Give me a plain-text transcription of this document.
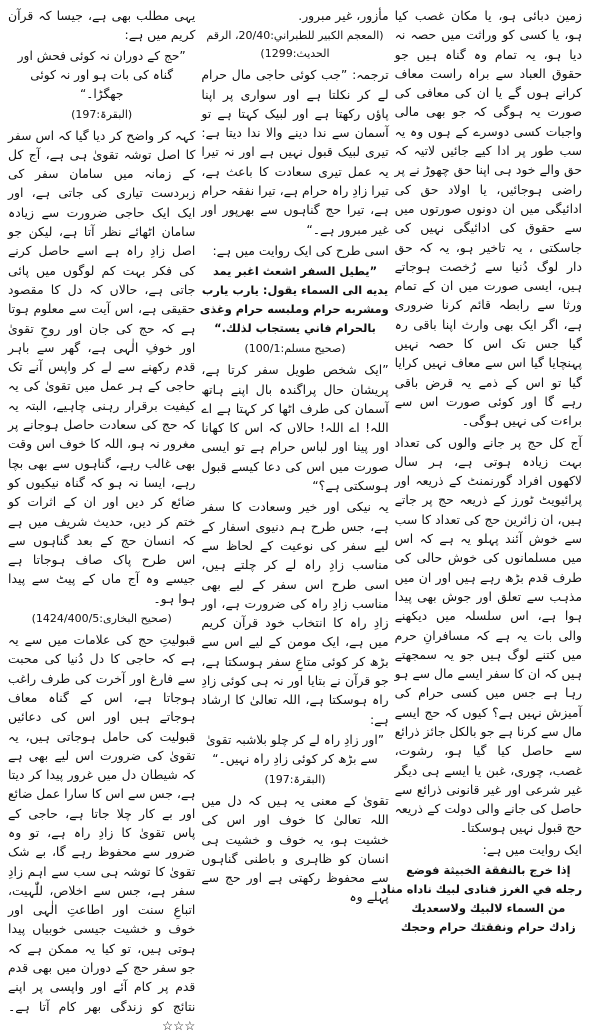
زمین دبائی ہو، یا مکان غصب کیا ہو، یا کسی کو وراثت میں حصہ نہ دیا ہو، یہ تمام وہ گناہ ہیں جو حقوق العباد سے براہ راست معاف کرانے ہوں گے یا ان کی معافی کی صورت یہ ہوگی کہ جو بھی مالی واجبات کسی دوسرے کے ہوں وہ یہ سب طور پر ادا کیے جائیں لاتیہ کہ حق والے خود ہی اپنا حق چھوڑ نے پر راضی ہوجائیں، یا اولاد حق کی ادائیگی میں ان دونوں صورتوں میں سے حقوق کی ادائیگی نہیں کی جاسکتی ، یہ تاخیر ہو، یہ کہ حق دار لوگ دُنیا سے رُخصت ہوجاتے ہیں، ایسی صورت میں ان کے تمام ورثا سے رابطہ قائم کرنا ضروری ہے، اگر ایک بھی وارث اپنا باقی رہ گیا جس تک اس کا حصہ نہیں پہنچایا گیا اس سے معاف نہیں کرایا گیا تو اس کے ذمے یہ قرض باقی رہے گا اور کوئی صورت اس سے براءت کی نہیں ہوگی۔
آج کل حج پر جانے والوں کی تعداد بہت زیادہ ہوتی ہے، ہر سال لاکھوں افراد گورنمنٹ کے ذریعہ اور پرائیویٹ ٹورز کے ذریعہ حج پر جاتے ہیں، ان زائرین حج کی تعداد کا سب سے خوش آئند پہلو یہ ہے کہ اس میں مسلمانوں کی خوش حالی کی طرف قدم بڑھ رہے ہیں اور ان میں مذہب سے تعلق اور جوش بھی پیدا ہوا ہے، اس سلسلہ میں دیکھنے والی بات یہ ہے کہ مسافرانِ حرم میں کتنے لوگ ہیں جو یہ سمجھتے ہیں کہ ان کا سفر ایسے مال سے ہو رہا ہے جس میں کسی حرام کی آمیزش نہیں ہے؟ کیوں کہ حج ایسے مال سے کرنا ہے جو بالکل جائز ذرائع سے حاصل کیا گیا ہو، رشوت، غصب، چوری، غبن یا ایسے ہی دیگر غیر شرعی اور غیر قانونی ذرائع سے حاصل کی جانے والی دولت کے ذریعہ حج قبول نہیں ہوسکتا۔
ایک روایت میں ہے:
إذا خرج بالنفقة الخبيثة فوضع
رجله في الغرز فنادى لبيك ناداه مناد
من السماء لالبيك ولاسعديك
زادك حرام ونفقتك حرام وحجك
مأزور، غير مبرور.
(المعجم الكبير للطبراني:20/40، الرقم الحديث:1299)
ترجمہ: ”جب کوئی حاجی مال حرام لے کر نکلتا ہے اور سواری پر اپنا پاؤں رکھتا ہے اور لبیک کہتا ہے تو آسمان سے ندا دینے والا ندا دیتا ہے: تیری لبیک قبول نہیں ہے اور نہ تیرا یہ عمل تیری سعادت کا باعث ہے، تیرا زادِ راہ حرام ہے، تیرا نفقہ حرام ہے، تیرا حج گناہوں سے بھرپور اور غیر مبرور ہے۔“
اسی طرح کی ایک روایت میں ہے:
”يطيل السفر اشعث اغبر يمد
يديه الى السماء يقول: يارب يارب
ومشربه حرام وملبسه حرام وغذى
بالحرام فاني يستجاب لذلك.“
(صحیح مسلم:100/1)
”ایک شخص طویل سفر کرتا ہے، پریشان حال پراگندہ بال اپنے ہاتھ آسمان کی طرف اٹھا کر کہتا ہے اے اللہ! اے اللہ! حالاں کہ اس کا کھانا اور پینا اور لباس حرام ہے تو ایسی صورت میں اس کی دعا کیسے قبول ہوسکتی ہے؟“
یہ نیکی اور خیر وسعادت کا سفر ہے، جس طرح ہم دنیوی اسفار کے لیے سفر کی نوعیت کے لحاظ سے مناسب زادِ راہ لے کر چلتے ہیں، اسی طرح اس سفر کے لیے بھی مناسب زادِ راہ کی ضرورت ہے، اور زادِ راہ کا انتخاب خود قرآن کریم میں ہے، ایک مومن کے لیے اس سے بڑھ کر کوئی متاعِ سفر ہوسکتا ہے، جو قرآن نے بتایا اور نہ ہی کوئی زادِ راہ ہوسکتا ہے، اللہ تعالیٰ کا ارشاد ہے:
”اور زادِ راہ لے کر چلو بلاشبہ تقویٰ سے بڑھ کر کوئی زادِ راہ نہیں۔“
(البقرۃ:197)
تقویٰ کے معنی یہ ہیں کہ دل میں اللہ تعالیٰ کا خوف اور اس کی خشیت ہو، یہ خوف و خشیت ہی انسان کو ظاہری و باطنی گناہوں سے محفوظ رکھتی ہے اور حج سے پہلے وہ
یہی مطلب بھی ہے، جیسا کہ قرآن کریم میں ہے:
”حج کے دوران نہ کوئی فحش اور گناہ کی بات ہو اور نہ کوئی جھگڑا۔“
(البقرۃ:197)
کہہ کر واضح کر دیا گیا کہ اس سفر کا اصل توشہ تقویٰ ہی ہے، آج کل کے زمانہ میں سامان سفر کی زبردست تیاری کی جاتی ہے، اور ایک ایک حاجی ضرورت سے زیادہ سامان اٹھائے نظر آتا ہے، لیکن جو اصل زادِ راہ ہے اسے حاصل کرنے کی فکر بہت کم لوگوں میں پائی جاتی ہے، حالاں کہ دل کا مقصود حقیقی ہے، اس آیت سے معلوم ہوتا ہے کہ حج کی جان اور روحِ تقویٰ اور خوفِ الٰہی ہے، گھر سے باہر قدم رکھنے سے لے کر واپس آنے تک حاجی کے ہر عمل میں تقویٰ کی یہ کیفیت برقرار رہنی چاہیے، البتہ یہ کہ حج کی سعادت حاصل ہوجانے پر مغرور نہ ہو، اللہ کا خوف اس وقت بھی غالب رہے، گناہوں سے بھی بچا رہے، ایسا نہ ہو کہ گناہ نیکیوں کو ضائع کر دیں اور ان کے اثرات کو ختم کر دیں، حدیث شریف میں ہے کہ انسان حج کے بعد گناہوں سے اس طرح پاک صاف ہوجاتا ہے جیسے وہ آج ماں کے پیٹ سے پیدا ہوا ہو۔
(صحیح البخاری:1424/400/5)
قبولیتِ حج کی علامات میں سے یہ ہے کہ حاجی کا دل دُنیا کی محبت سے فارغ اور آخرت کی طرف راغب ہوجاتا ہے، اس کے گناہ معاف ہوجاتے ہیں اور اس کی دعائیں قبولیت کی حامل ہوجاتی ہیں، یہ تقویٰ کی ضرورت اس لیے بھی ہے کہ شیطان دل میں غرور پیدا کر دیتا ہے، جس سے اس کا سارا عمل ضائع اور بے کار چلا جاتا ہے، حاجی کے پاس تقویٰ کا زادِ راہ ہے، تو وہ ضرور سے محفوظ رہے گا، بے شک تقویٰ کا توشہ ہی سب سے اہم زادِ سفر ہے، جس سے اخلاص، للّٰہیت، اتباعِ سنت اور اطاعتِ الٰہی اور خوف و خشیت جیسی خوبیاں پیدا ہوتی ہیں، تو کیا یہ ممکن ہے کہ جو سفر حج کے دوران میں بھی قدم قدم پر کام آئے اور واپسی پر اپنے نتائج کو زندگی بھر کام آتا ہے۔ ☆☆☆
